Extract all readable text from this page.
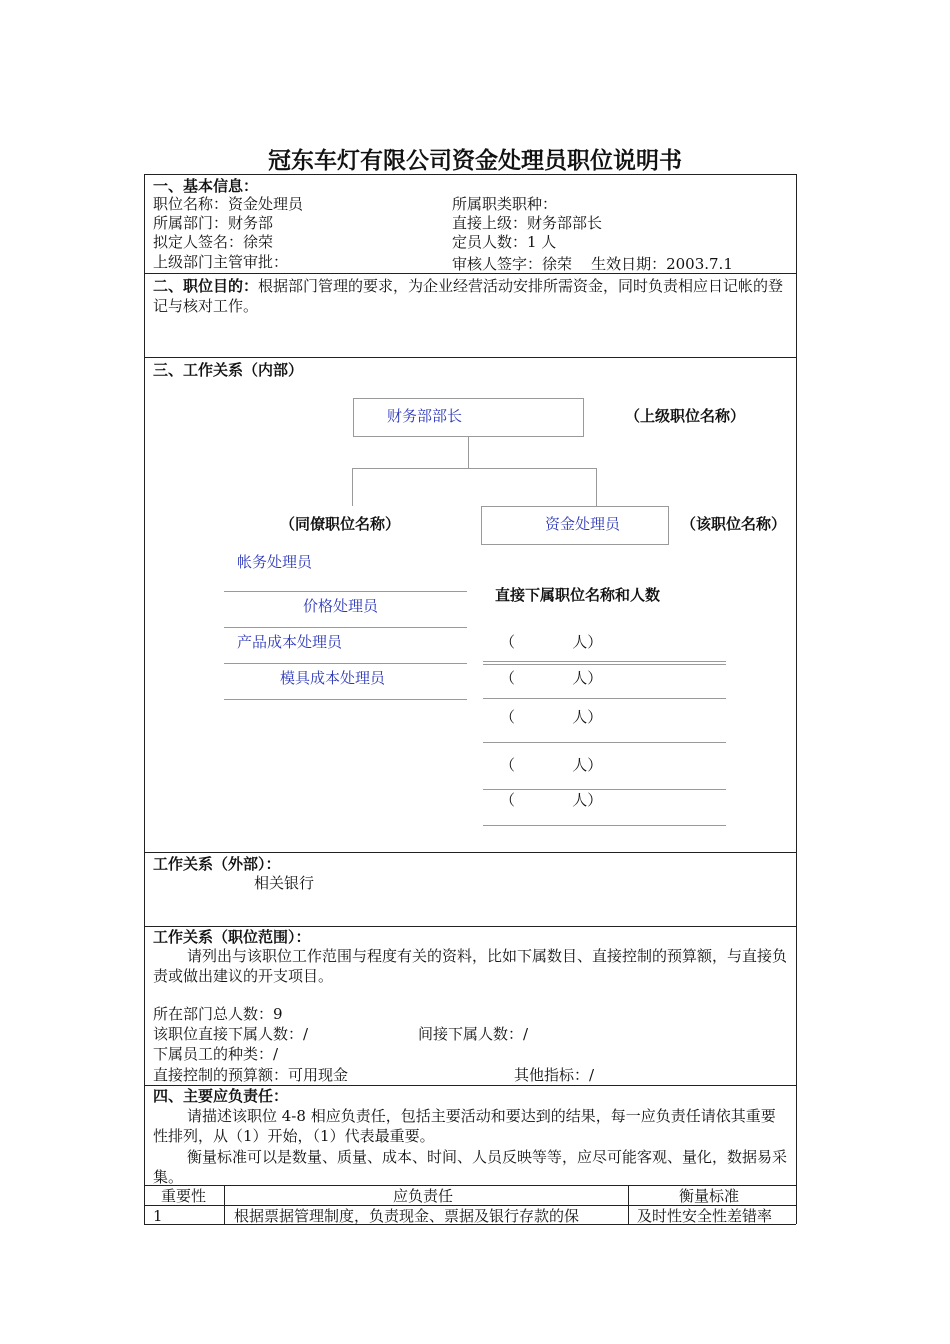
冠东车灯有限公司资金处理员职位说明书
一、基本信息：
职位名称：资金处理员	所属职类职种：
所属部门：财务部	直接上级：财务部部长
拟定人签名：徐荣	定员人数：1 人
上级部门主管审批：	审核人签字：徐荣    生效日期：2003.7.1
二、职位目的：根据部门管理的要求，为企业经营活动安排所需资金，同时负责相应日记帐的登记与核对工作。
三、工作关系（内部）
财务部部长	（上级职位名称）
（同僚职位名称）	资金处理员	（该职位名称）
帐务处理员
价格处理员
产品成本处理员
模具成本处理员
直接下属职位名称和人数
（            人）
（            人）
（            人）
（            人）
（            人）
工作关系（外部）：
相关银行
工作关系（职位范围）：
请列出与该职位工作范围与程度有关的资料，比如下属数目、直接控制的预算额，与直接负责或做出建议的开支项目。
所在部门总人数：9
该职位直接下属人数：/	间接下属人数：/
下属员工的种类：/
直接控制的预算额：可用现金	其他指标：/
四、主要应负责任：
请描述该职位 4-8 相应负责任，包括主要活动和要达到的结果，每一应负责任请依其重要性排列，从（1）开始，（1）代表最重要。
衡量标准可以是数量、质量、成本、时间、人员反映等等，应尽可能客观、量化，数据易采集。
重要性	应负责任	衡量标准
1	根据票据管理制度，负责现金、票据及银行存款的保	及时性安全性差错率
